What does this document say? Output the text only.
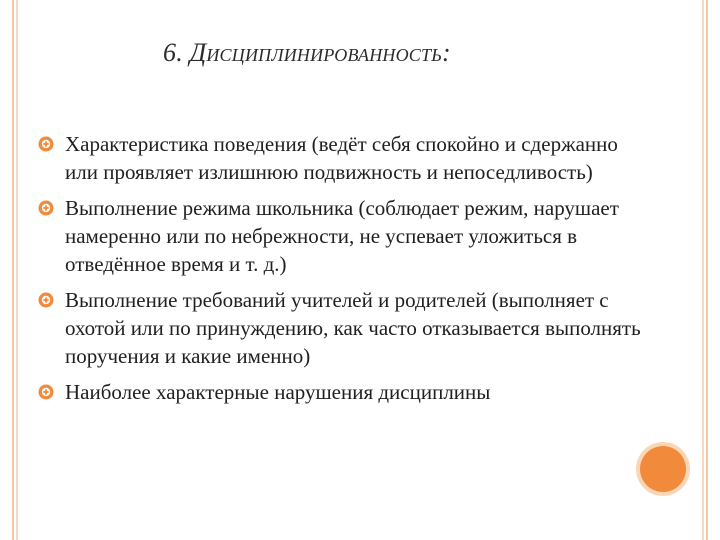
6. Дисциплинированность:
Характеристика поведения (ведёт себя спокойно и сдержанно или проявляет излишнюю подвижность и непоседливость)
Выполнение режима школьника (соблюдает режим, нарушает намеренно или по небрежности, не успевает уложиться в отведённое время и т. д.)
Выполнение требований учителей и родителей (выполняет с охотой или по принуждению, как часто отказывается выполнять поручения и какие именно)
Наиболее характерные нарушения дисциплины
